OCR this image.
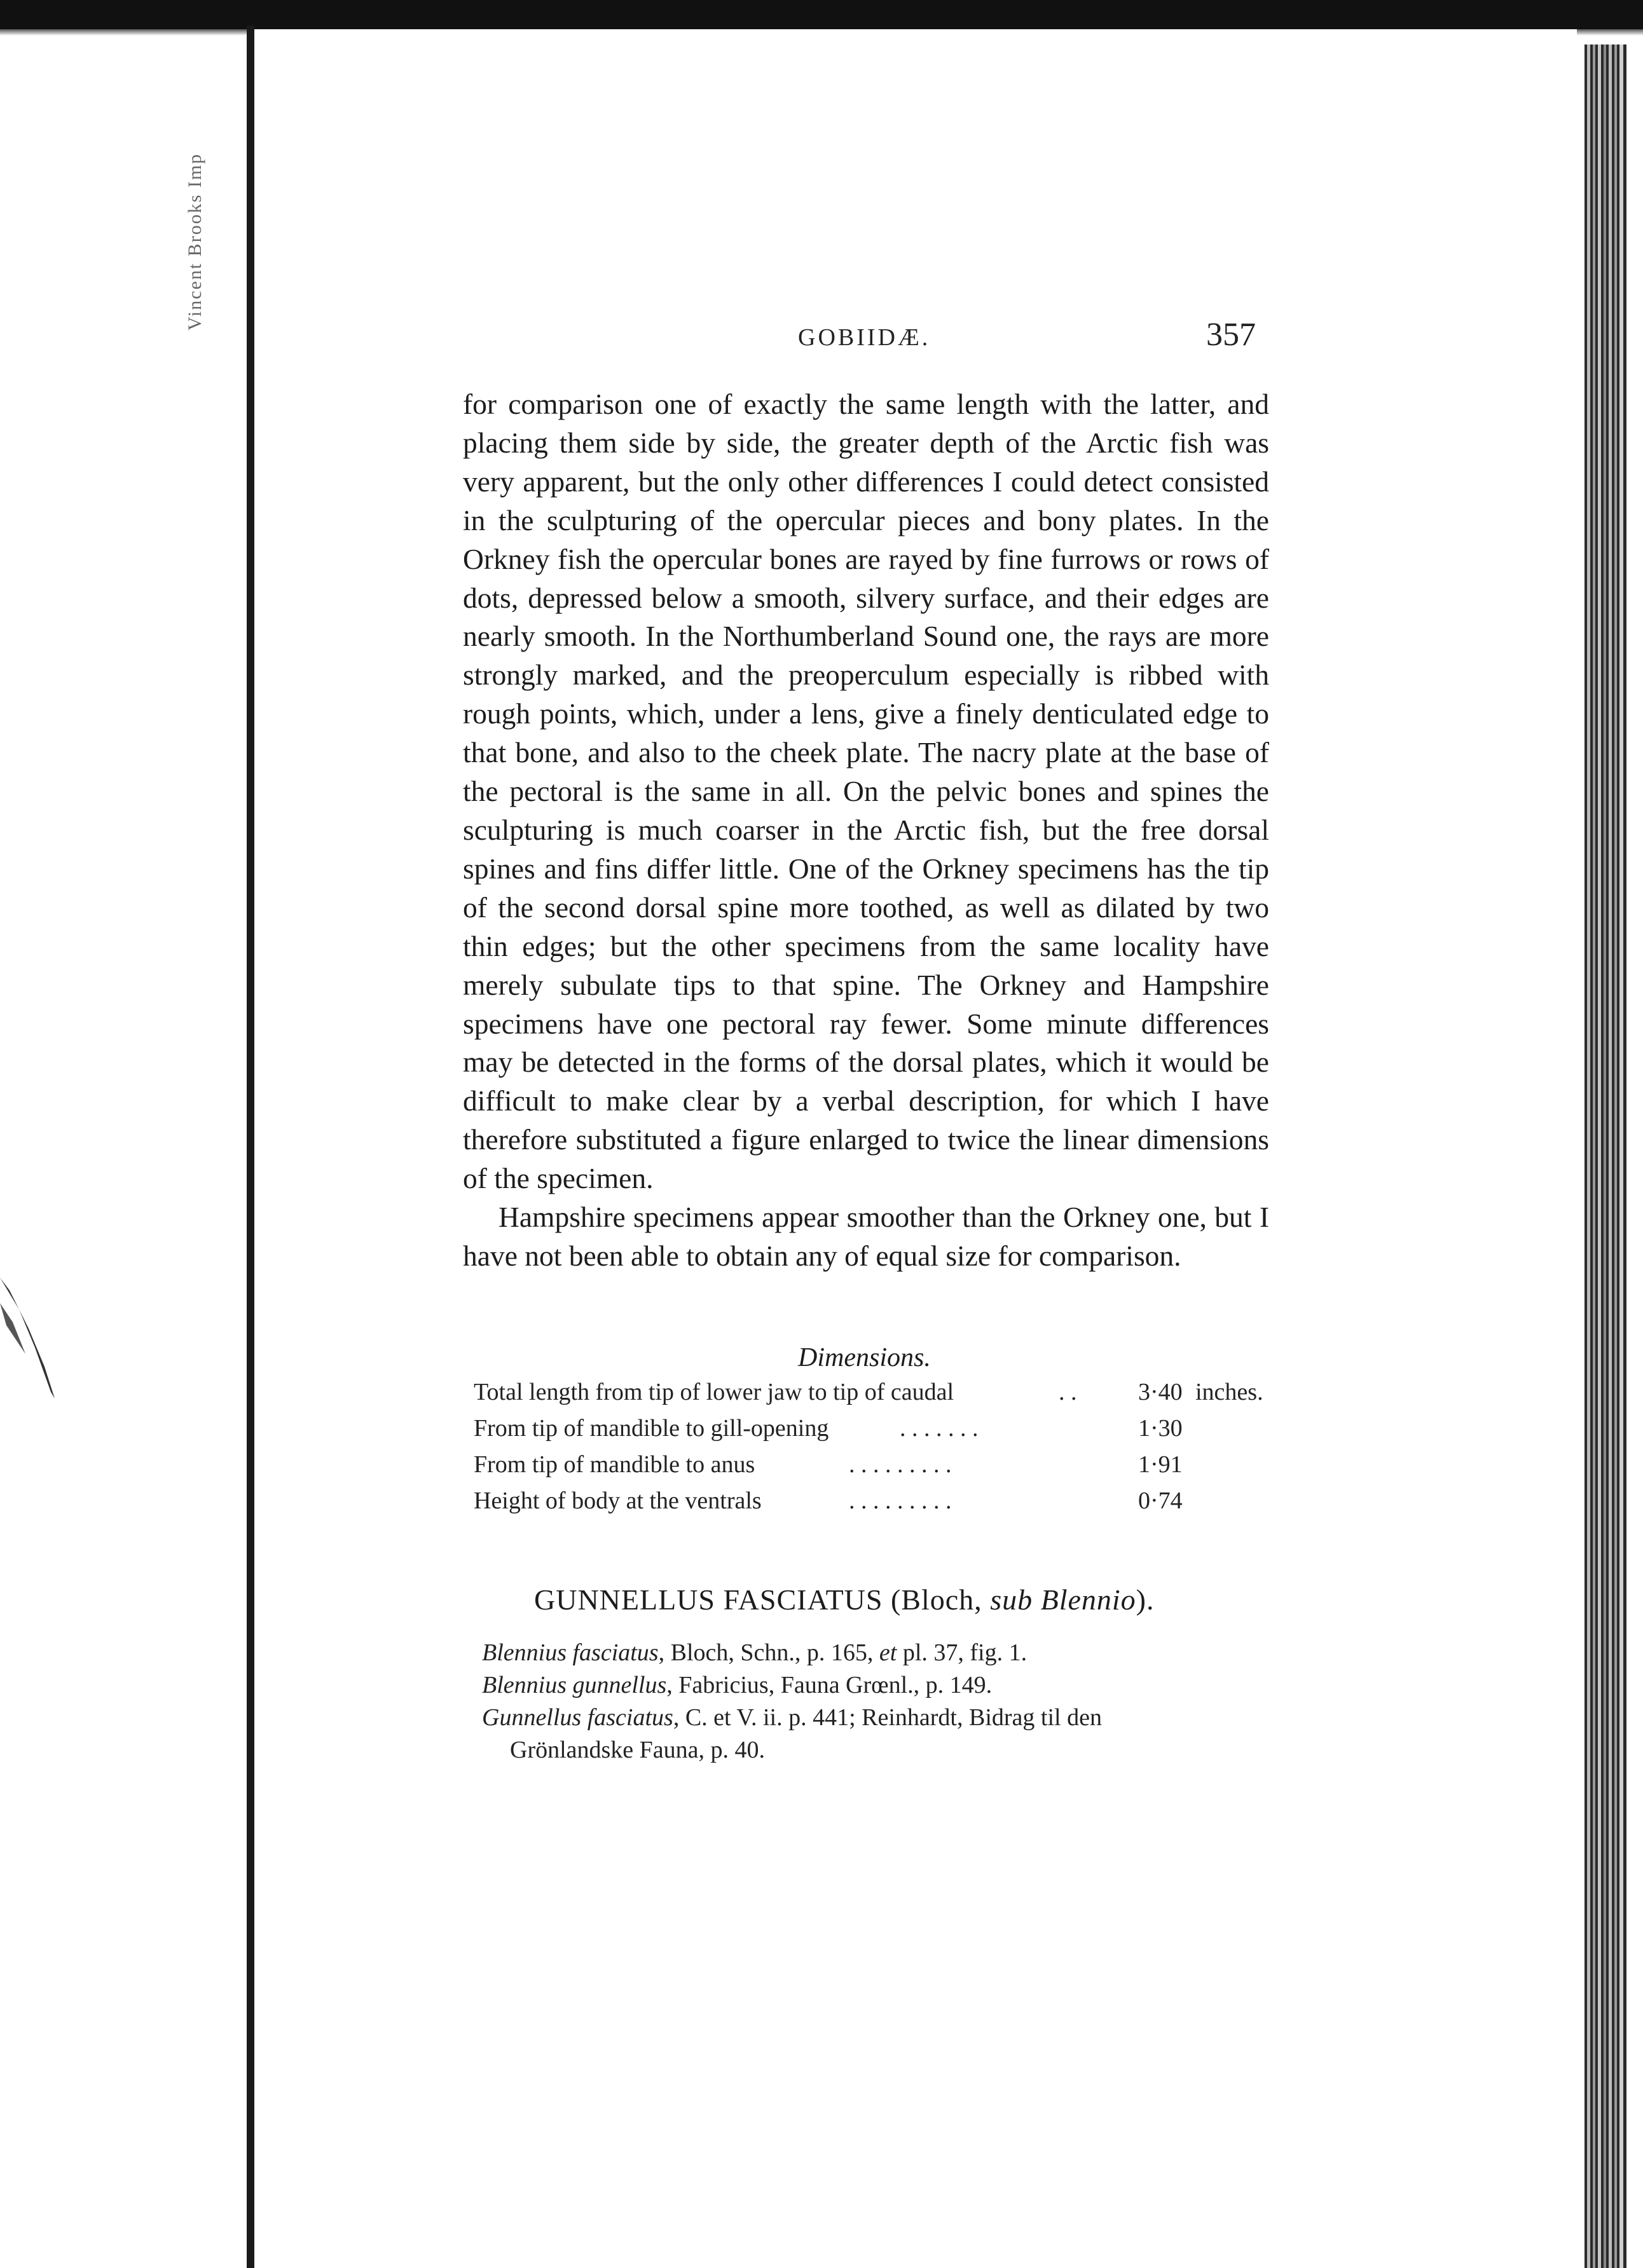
Vincent Brooks Imp
GOBIIDÆ.	357

for comparison one of exactly the same length with the latter, and placing them side by side, the greater depth of the Arctic fish was very apparent, but the only other differences I could detect consisted in the sculpturing of the opercular pieces and bony plates. In the Orkney fish the opercular bones are rayed by fine furrows or rows of dots, depressed below a smooth, silvery surface, and their edges are nearly smooth. In the Northumberland Sound one, the rays are more strongly marked, and the preoperculum especially is ribbed with rough points, which, under a lens, give a finely denticulated edge to that bone, and also to the cheek plate. The nacry plate at the base of the pectoral is the same in all. On the pelvic bones and spines the sculpturing is much coarser in the Arctic fish, but the free dorsal spines and fins differ little. One of the Orkney specimens has the tip of the second dorsal spine more toothed, as well as dilated by two thin edges; but the other specimens from the same locality have merely subulate tips to that spine. The Orkney and Hampshire specimens have one pectoral ray fewer. Some minute differences may be detected in the forms of the dorsal plates, which it would be difficult to make clear by a verbal description, for which I have therefore substituted a figure enlarged to twice the linear dimensions of the specimen.

Hampshire specimens appear smoother than the Orkney one, but I have not been able to obtain any of equal size for comparison.

Dimensions.
Total length from tip of lower jaw to tip of caudal	. .	3·40 inches.
From tip of mandible to gill-opening	. . . . . . .	1·30
From tip of mandible to anus	. . . . . . . . .	1·91
Height of body at the ventrals	. . . . . . . . .	0·74
GUNNELLUS FASCIATUS (Bloch, sub Blennio).
Blennius fasciatus, Bloch, Schn., p. 165, et pl. 37, fig. 1.
Blennius gunnellus, Fabricius, Fauna Grœnl., p. 149.
Gunnellus fasciatus, C. et V. ii. p. 441; Reinhardt, Bidrag til den
Grönlandske Fauna, p. 40.
